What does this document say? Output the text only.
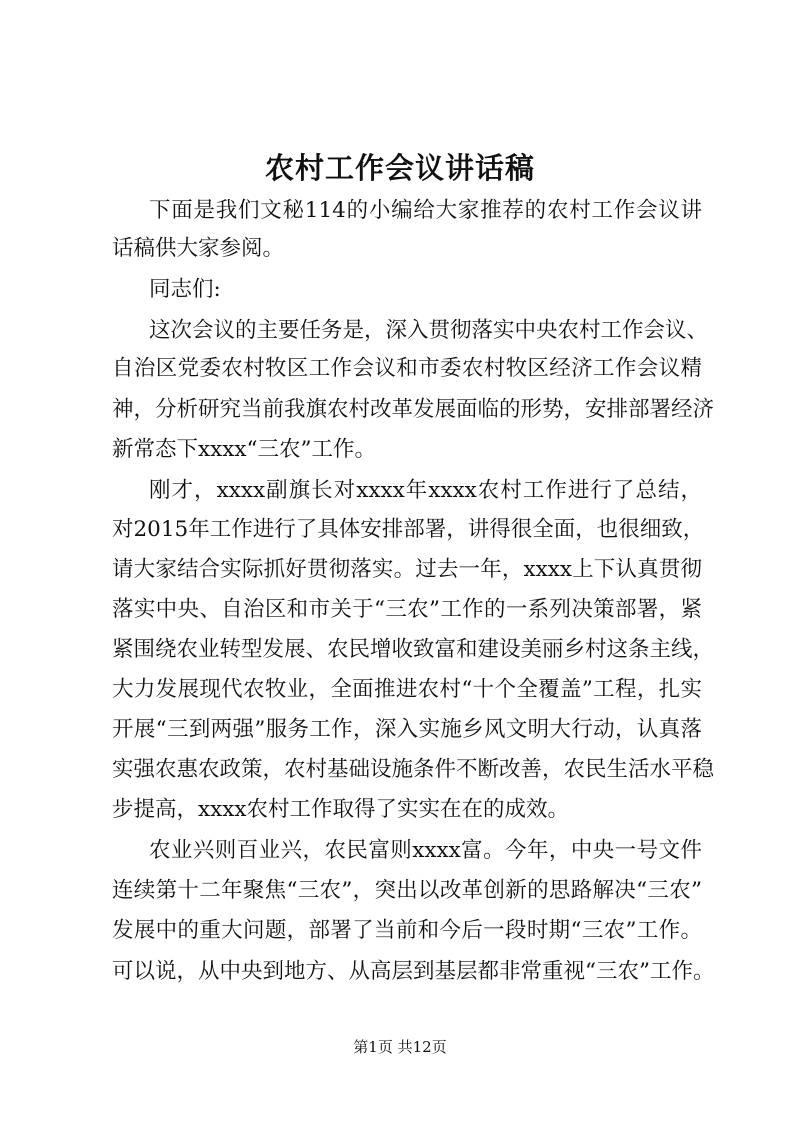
农村工作会议讲话稿
下面是我们文秘114的小编给大家推荐的农村工作会议讲
话稿供大家参阅。
同志们:
这次会议的主要任务是，深入贯彻落实中央农村工作会议、
自治区党委农村牧区工作会议和市委农村牧区经济工作会议精
神，分析研究当前我旗农村改革发展面临的形势，安排部署经济
新常态下xxxx“三农”工作。
刚才，xxxx副旗长对xxxx年xxxx农村工作进行了总结，
对2015年工作进行了具体安排部署，讲得很全面，也很细致，
请大家结合实际抓好贯彻落实。过去一年，xxxx上下认真贯彻
落实中央、自治区和市关于“三农”工作的一系列决策部署，紧
紧围绕农业转型发展、农民增收致富和建设美丽乡村这条主线，
大力发展现代农牧业，全面推进农村“十个全覆盖”工程，扎实
开展“三到两强”服务工作，深入实施乡风文明大行动，认真落
实强农惠农政策，农村基础设施条件不断改善，农民生活水平稳
步提高，xxxx农村工作取得了实实在在的成效。
农业兴则百业兴，农民富则xxxx富。今年，中央一号文件
连续第十二年聚焦“三农”，突出以改革创新的思路解决“三农”
发展中的重大问题，部署了当前和今后一段时期“三农”工作。
可以说，从中央到地方、从高层到基层都非常重视“三农”工作。
第1页 共12页
